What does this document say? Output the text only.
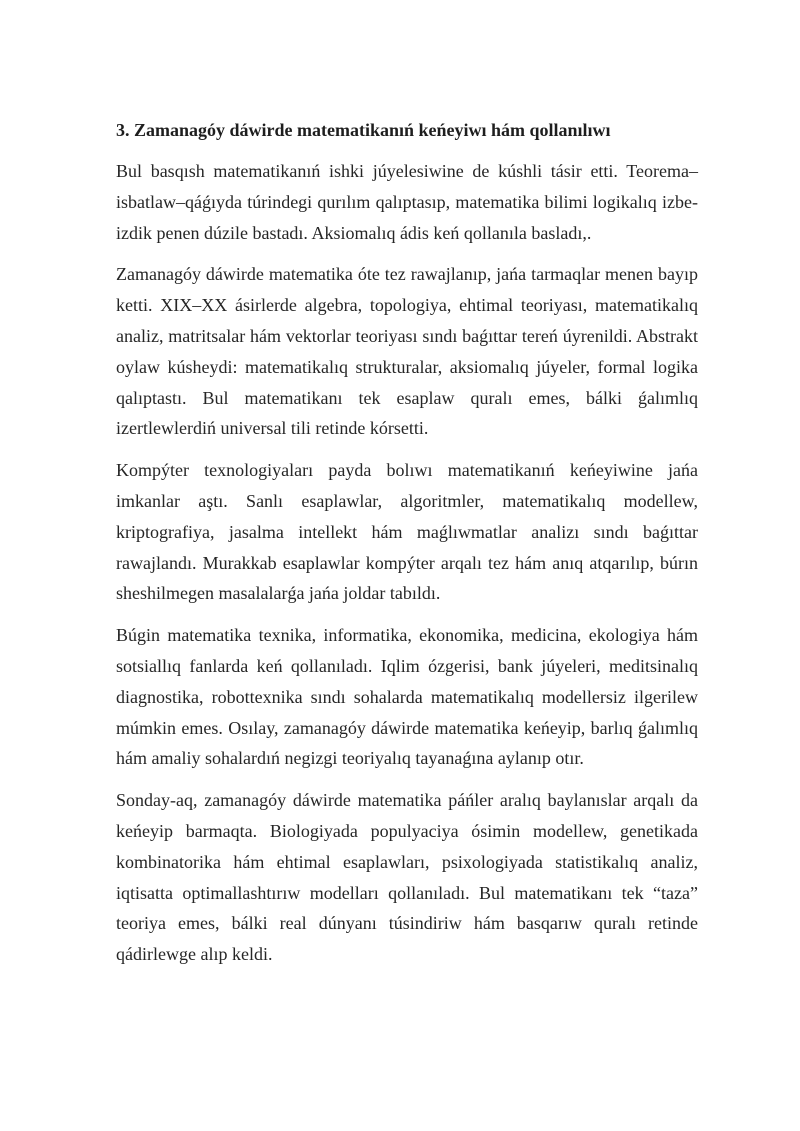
3. Zamanagóy dáwirde matematikanıń keńeyiwı hám qollanılıwı

Bul basqısh matematikanıń ishki júyelesiwine de kúshli tásir etti. Teorema–isbatlaw–qáǵıyda túrindegi qurılım qalıptasıp, matematika bilimi logikalıq izbe-izdik penen dúzile bastadı. Aksiomalıq ádis keń qollanıla basladı,.

Zamanagóy dáwirde matematika óte tez rawajlanıp, jańa tarmaqlar menen bayıp ketti. XIX–XX ásirlerde algebra, topologiya, ehtimal teoriyası, matematikalıq analiz, matritsalar hám vektorlar teoriyası sındı baǵıttar tereń úyrenildi. Abstrakt oylaw kúsheydi: matematikalıq strukturalar, aksiomalıq júyeler, formal logika qalıptastı. Bul matematikanı tek esaplaw quralı emes, bálki ǵalımlıq izertlewlerdiń universal tili retinde kórsetti.

Kompýter texnologiyaları payda bolıwı matematikanıń keńeyiwine jańa imkanlar aştı. Sanlı esaplawlar, algoritmler, matematikalıq modellew, kriptografiya, jasalma intellekt hám maǵlıwmatlar analizı sındı baǵıttar rawajlandı. Murakkab esaplawlar kompýter arqalı tez hám anıq atqarılıp, búrın sheshilmegen masalalarǵa jańa joldar tabıldı.

Búgin matematika texnika, informatika, ekonomika, medicina, ekologiya hám sotsiallıq fanlarda keń qollanıladı. Iqlim ózgerisi, bank júyeleri, meditsinalıq diagnostika, robottexnika sındı sohalarda matematikalıq modellersiz ilgerilew múmkin emes. Osılay, zamanagóy dáwirde matematika keńeyip, barlıq ǵalımlıq hám amaliy sohalardıń negizgi teoriyalıq tayanaǵına aylanıp otır.

Sonday-aq, zamanagóy dáwirde matematika páńler aralıq baylanıslar arqalı da keńeyip barmaqta. Biologiyada populyaciya ósimin modellew, genetikada kombinatorika hám ehtimal esaplawları, psixologiyada statistikalıq analiz, iqtisatta optimallashtırıw modelları qollanıladı. Bul matematikanı tek “taza” teoriya emes, bálki real dúnyanı túsindiriw hám basqarıw quralı retinde qádirlewge alıp keldi.
